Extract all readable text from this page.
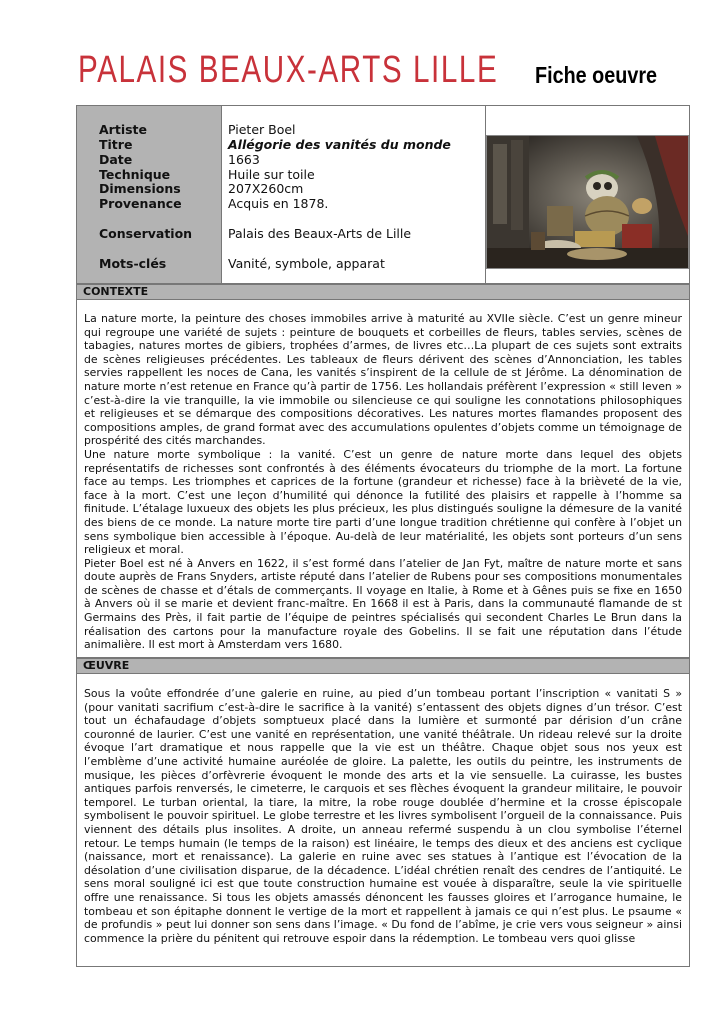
PALAIS BEAUX-ARTS LILLE Fiche oeuvre
Artiste
Titre
Date
Technique
Dimensions
Provenance
Conservation
Mots-clés
Pieter Boel
Allégorie des vanités du monde
1663
Huile sur toile
207X260cm
Acquis en 1878.
Palais des Beaux-Arts de Lille
Vanité, symbole, apparat
CONTEXTE

La nature morte, la peinture des choses immobiles arrive à maturité au XVIIe siècle. C’est un genre mineur qui regroupe une variété de sujets : peinture de bouquets et corbeilles de fleurs, tables servies, scènes de tabagies, natures mortes de gibiers, trophées d’armes, de livres etc…La plupart de ces sujets sont extraits de scènes religieuses précédentes. Les tableaux de fleurs dérivent des scènes d’Annonciation, les tables servies rappellent les noces de Cana, les vanités s’inspirent de la cellule de st Jérôme. La dénomination de nature morte n’est retenue en France qu’à partir de 1756. Les hollandais préfèrent l’expression « still leven » c’est-à-dire la vie tranquille, la vie immobile ou silencieuse ce qui souligne les connotations philosophiques et religieuses et se démarque des compositions décoratives. Les natures mortes flamandes proposent des compositions amples, de grand format avec des accumulations opulentes d’objets comme un témoignage de prospérité des cités marchandes.

Une nature morte symbolique : la vanité. C’est un genre de nature morte dans lequel des objets représentatifs de richesses sont confrontés à des éléments évocateurs du triomphe de la mort. La fortune face au temps. Les triomphes et caprices de la fortune (grandeur et richesse) face à la brièveté de la vie, face à la mort. C’est une leçon d’humilité qui dénonce la futilité des plaisirs et rappelle à l’homme sa finitude. L’étalage luxueux des objets les plus précieux, les plus distingués souligne la démesure de la vanité des biens de ce monde. La nature morte tire parti d’une longue tradition chrétienne qui confère à l’objet un sens symbolique bien accessible à l’époque. Au-delà de leur matérialité, les objets sont porteurs d’un sens religieux et moral.

Pieter Boel est né à Anvers en 1622, il s’est formé dans l’atelier de Jan Fyt, maître de nature morte et sans doute auprès de Frans Snyders, artiste réputé dans l’atelier de Rubens pour ses compositions monumentales de scènes de chasse et d’étals de commerçants. Il voyage en Italie, à Rome et à Gênes puis se fixe en 1650 à Anvers où il se marie et devient franc-maître. En 1668 il est à Paris, dans la communauté flamande de st Germains des Près, il fait partie de l’équipe de peintres spécialisés qui secondent Charles Le Brun dans la réalisation des cartons pour la manufacture royale des Gobelins. Il se fait une réputation dans l’étude animalière. Il est mort à Amsterdam vers 1680.

ŒUVRE

Sous la voûte effondrée d’une galerie en ruine, au pied d’un tombeau portant l’inscription « vanitati S » (pour vanitati sacrifium c’est-à-dire le sacrifice à la vanité) s’entassent des objets dignes d’un trésor. C’est tout un échafaudage d’objets somptueux placé dans la lumière et surmonté par dérision d’un crâne couronné de laurier. C’est une vanité en représentation, une vanité théâtrale. Un rideau relevé sur la droite évoque l’art dramatique et nous rappelle que la vie est un théâtre. Chaque objet sous nos yeux est l’emblème d’une activité humaine auréolée de gloire. La palette, les outils du peintre, les instruments de musique, les pièces d’orfèvrerie évoquent le monde des arts et la vie sensuelle. La cuirasse, les bustes antiques parfois renversés, le cimeterre, le carquois et ses flèches évoquent la grandeur militaire, le pouvoir temporel. Le turban oriental, la tiare, la mitre, la robe rouge doublée d’hermine et la crosse épiscopale symbolisent le pouvoir spirituel. Le globe terrestre et les livres symbolisent l’orgueil de la connaissance. Puis viennent des détails plus insolites. A droite, un anneau refermé suspendu à un clou symbolise l’éternel retour. Le temps humain (le temps de la raison) est linéaire, le temps des dieux et des anciens est cyclique (naissance, mort et renaissance). La galerie en ruine avec ses statues à l’antique est l’évocation de la désolation d’une civilisation disparue, de la décadence. L’idéal chrétien renaît des cendres de l’antiquité. Le sens moral souligné ici est que toute construction humaine est vouée à disparaître, seule la vie spirituelle offre une renaissance. Si tous les objets amassés dénoncent les fausses gloires et l’arrogance humaine, le tombeau et son épitaphe donnent le vertige de la mort et rappellent à jamais ce qui n’est plus. Le psaume « de profundis » peut lui donner son sens dans l’image. « Du fond de l’abîme, je crie vers vous seigneur » ainsi commence la prière du pénitent qui retrouve espoir dans la rédemption. Le tombeau vers quoi glisse
